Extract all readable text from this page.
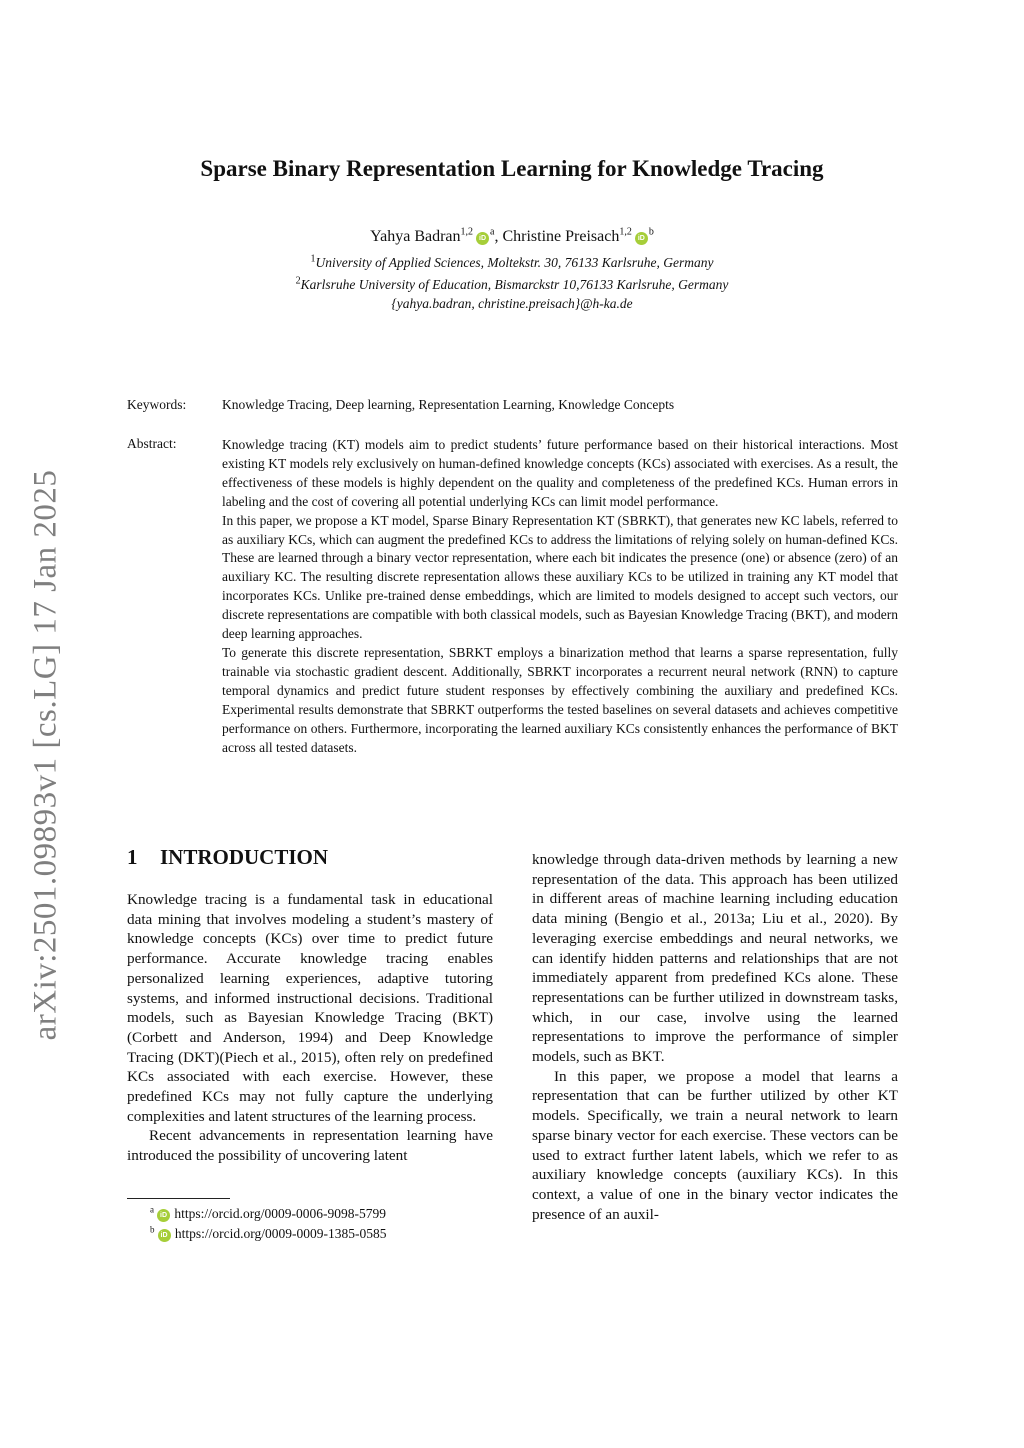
arXiv:2501.09893v1 [cs.LG] 17 Jan 2025
Sparse Binary Representation Learning for Knowledge Tracing
Yahya $Badran^{1,2}iD^a$, Christine $Preisach^{1,2}iD^b$
$^1$University of Applied Sciences, Moltekstr. 30, 76133 Karlsruhe, Germany
$^2$Karlsruhe University of Education, Bismarckstr 10,76133 Karlsruhe, Germany
{yahya.badran, christine.preisach}@h-ka.de
Keywords:	Knowledge Tracing, Deep learning, Representation Learning, Knowledge Concepts
Abstract:	Knowledge tracing (KT) models aim to predict students’ future performance based on their historical interactions. Most existing KT models rely exclusively on human-defined knowledge concepts (KCs) associated with exercises. As a result, the effectiveness of these models is highly dependent on the quality and completeness of the predefined KCs. Human errors in labeling and the cost of covering all potential underlying KCs can limit model performance.

In this paper, we propose a KT model, Sparse Binary Representation KT (SBRKT), that generates new KC labels, referred to as auxiliary KCs, which can augment the predefined KCs to address the limitations of relying solely on human-defined KCs. These are learned through a binary vector representation, where each bit indicates the presence (one) or absence (zero) of an auxiliary KC. The resulting discrete representation allows these auxiliary KCs to be utilized in training any KT model that incorporates KCs. Unlike pre-trained dense embeddings, which are limited to models designed to accept such vectors, our discrete representations are compatible with both classical models, such as Bayesian Knowledge Tracing (BKT), and modern deep learning approaches.

To generate this discrete representation, SBRKT employs a binarization method that learns a sparse representation, fully trainable via stochastic gradient descent. Additionally, SBRKT incorporates a recurrent neural network (RNN) to capture temporal dynamics and predict future student responses by effectively combining the auxiliary and predefined KCs. Experimental results demonstrate that SBRKT outperforms the tested baselines on several datasets and achieves competitive performance on others. Furthermore, incorporating the learned auxiliary KCs consistently enhances the performance of BKT across all tested datasets.

1 INTRODUCTION

Knowledge tracing is a fundamental task in educational data mining that involves modeling a student’s mastery of knowledge concepts (KCs) over time to predict future performance. Accurate knowledge tracing enables personalized learning experiences, adaptive tutoring systems, and informed instructional decisions. Traditional models, such as Bayesian Knowledge Tracing (BKT)(Corbett and Anderson, 1994) and Deep Knowledge Tracing (DKT)(Piech et al., 2015), often rely on predefined KCs associated with each exercise. However, these predefined KCs may not fully capture the underlying complexities and latent structures of the learning process.

Recent advancements in representation learning have introduced the possibility of uncovering latent

knowledge through data-driven methods by learning a new representation of the data. This approach has been utilized in different areas of machine learning including education data mining (Bengio et al., 2013a; Liu et al., 2020). By leveraging exercise embeddings and neural networks, we can identify hidden patterns and relationships that are not immediately apparent from predefined KCs alone. These representations can be further utilized in downstream tasks, which, in our case, involve using the learned representations to improve the performance of simpler models, such as BKT.

In this paper, we propose a model that learns a representation that can be further utilized by other KT models. Specifically, we train a neural network to learn sparse binary vector for each exercise. These vectors can be used to extract further latent labels, which we refer to as auxiliary knowledge concepts (auxiliary KCs). In this context, a value of one in the binary vector indicates the presence of an auxil-

$^a$iD https://orcid.org/0009-0006-9098-5799
$^b$iD https://orcid.org/0009-0009-1385-0585
